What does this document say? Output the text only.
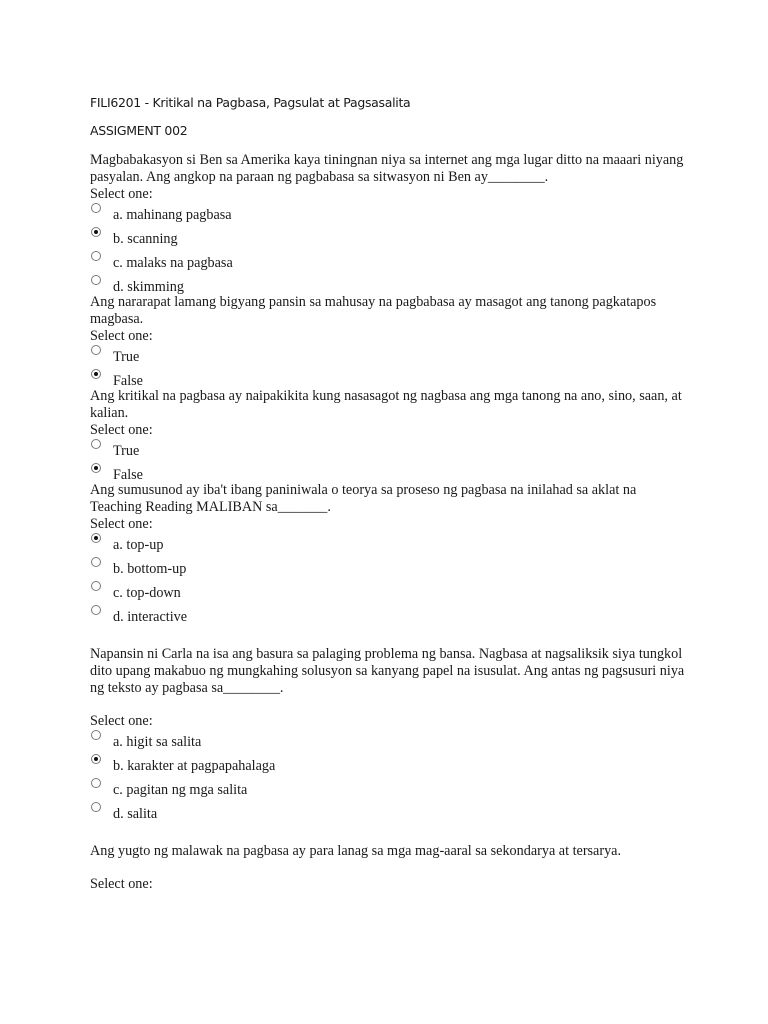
FILI6201 - Kritikal na Pagbasa, Pagsulat at Pagsasalita
ASSIGMENT 002
Magbabakasyon si Ben sa Amerika kaya tiningnan niya sa internet ang mga lugar ditto na maaari niyang pasyalan. Ang angkop na paraan ng pagbabasa sa sitwasyon ni Ben ay________.
Select one:
a. mahinang pagbasa
b. scanning
c. malaks na pagbasa
d. skimming
Ang nararapat lamang bigyang pansin sa mahusay na pagbabasa ay masagot ang tanong pagkatapos magbasa.
Select one:
True
False
Ang kritikal na pagbasa ay naipakikita kung nasasagot ng nagbasa ang mga tanong na ano, sino, saan, at kalian.
Select one:
True
False
Ang sumusunod ay iba't ibang paniniwala o teorya sa proseso ng pagbasa na inilahad sa aklat na Teaching Reading MALIBAN sa_______.
Select one:
a. top-up
b. bottom-up
c. top-down
d. interactive
Napansin ni Carla na isa ang basura sa palaging problema ng bansa. Nagbasa at nagsaliksik siya tungkol dito upang makabuo ng mungkahing solusyon sa kanyang papel na isusulat. Ang antas ng pagsusuri niya ng teksto ay pagbasa sa________.
Select one:
a. higit sa salita
b. karakter at pagpapahalaga
c. pagitan ng mga salita
d. salita
Ang yugto ng malawak na pagbasa ay para lanag sa mga mag-aaral sa sekondarya at tersarya.
Select one:
